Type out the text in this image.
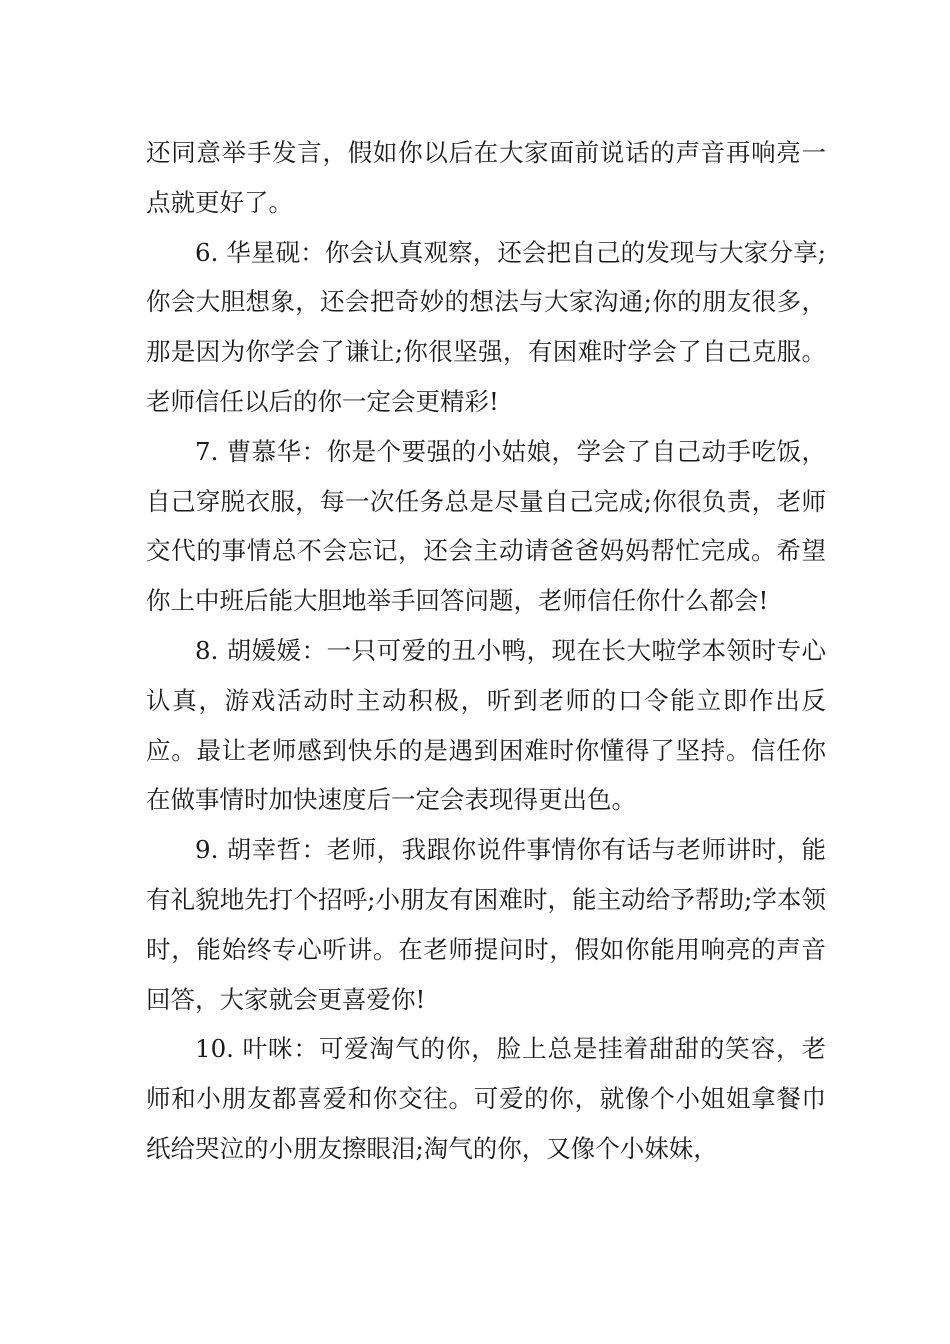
还同意举手发言，假如你以后在大家面前说话的声音再响亮一点就更好了。

6. 华星砚：你会认真观察，还会把自己的发现与大家分享;你会大胆想象，还会把奇妙的想法与大家沟通;你的朋友很多，那是因为你学会了谦让;你很坚强，有困难时学会了自己克服。老师信任以后的你一定会更精彩!

7. 曹慕华：你是个要强的小姑娘，学会了自己动手吃饭，自己穿脱衣服，每一次任务总是尽量自己完成;你很负责，老师交代的事情总不会忘记，还会主动请爸爸妈妈帮忙完成。希望你上中班后能大胆地举手回答问题，老师信任你什么都会!

8. 胡媛媛：一只可爱的丑小鸭，现在长大啦学本领时专心认真，游戏活动时主动积极，听到老师的口令能立即作出反应。最让老师感到快乐的是遇到困难时你懂得了坚持。信任你在做事情时加快速度后一定会表现得更出色。

9. 胡幸哲：老师，我跟你说件事情你有话与老师讲时，能有礼貌地先打个招呼;小朋友有困难时，能主动给予帮助;学本领时，能始终专心听讲。在老师提问时，假如你能用响亮的声音回答，大家就会更喜爱你!

10. 叶咪：可爱淘气的你，脸上总是挂着甜甜的笑容，老师和小朋友都喜爱和你交往。可爱的你，就像个小姐姐拿餐巾纸给哭泣的小朋友擦眼泪;淘气的你，又像个小妹妹，
